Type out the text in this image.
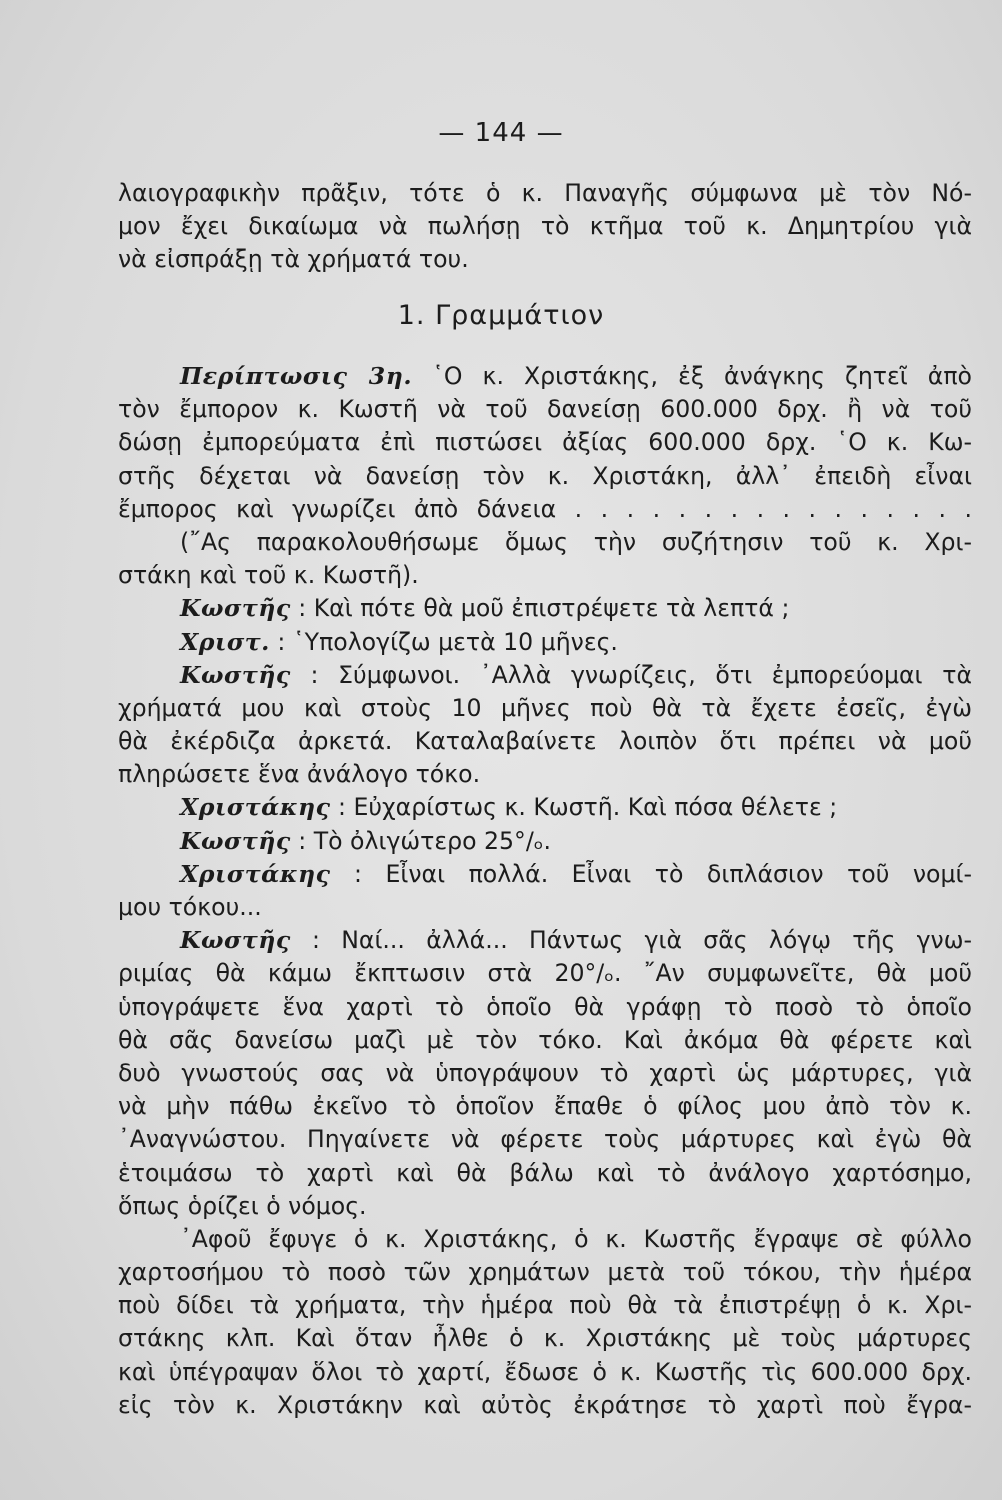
— 144 —
λαιογραφικὴν πρᾶξιν, τότε ὁ κ. Παναγῆς σύμφωνα μὲ τὸν Νό-
μον ἔχει δικαίωμα νὰ πωλήσῃ τὸ κτῆμα τοῦ κ. Δημητρίου γιὰ
νὰ εἰσπράξῃ τὰ χρήματά του.
1. Γραμμάτιον
Περίπτωσις 3η. ῾Ο κ. Χριστάκης, ἐξ ἀνάγκης ζητεῖ ἀπὸ
τὸν ἔμπορον κ. Κωστῆ νὰ τοῦ δανείσῃ 600.000 δρχ. ἢ νὰ τοῦ
δώσῃ ἐμπορεύματα ἐπὶ πιστώσει ἀξίας 600.000 δρχ. ῾Ο κ. Κω-
στῆς δέχεται νὰ δανείσῃ τὸν κ. Χριστάκη, ἀλλ᾿ ἐπειδὴ εἶναι
ἔμπορος καὶ γνωρίζει ἀπὸ δάνεια . . . . . . . . . . . . . . . .
(῎Ας παρακολουθήσωμε ὅμως τὴν συζήτησιν τοῦ κ. Χρι-
στάκη καὶ τοῦ κ. Κωστῆ).
Κωστῆς : Καὶ πότε θὰ μοῦ ἐπιστρέψετε τὰ λεπτά ;
Χριστ. : ῾Υπολογίζω μετὰ 10 μῆνες.
Κωστῆς : Σύμφωνοι. ᾿Αλλὰ γνωρίζεις, ὅτι ἐμπορεύομαι τὰ
χρήματά μου καὶ στοὺς 10 μῆνες ποὺ θὰ τὰ ἔχετε ἐσεῖς, ἐγὼ
θὰ ἐκέρδιζα ἀρκετά. Καταλαβαίνετε λοιπὸν ὅτι πρέπει νὰ μοῦ
πληρώσετε ἕνα ἀνάλογο τόκο.
Χριστάκης : Εὐχαρίστως κ. Κωστῆ. Καὶ πόσα θέλετε ;
Κωστῆς : Τὸ ὀλιγώτερο 25°/ₒ.
Χριστάκης : Εἶναι πολλά. Εἶναι τὸ διπλάσιον τοῦ νομί-
μου τόκου...
Κωστῆς : Ναί... ἀλλά... Πάντως γιὰ σᾶς λόγῳ τῆς γνω-
ριμίας θὰ κάμω ἔκπτωσιν στὰ 20°/ₒ. ῎Αν συμφωνεῖτε, θὰ μοῦ
ὑπογράψετε ἕνα χαρτὶ τὸ ὁποῖο θὰ γράφῃ τὸ ποσὸ τὸ ὁποῖο
θὰ σᾶς δανείσω μαζὶ μὲ τὸν τόκο. Καὶ ἀκόμα θὰ φέρετε καὶ
δυὸ γνωστούς σας νὰ ὑπογράψουν τὸ χαρτὶ ὡς μάρτυρες, γιὰ
νὰ μὴν πάθω ἐκεῖνο τὸ ὁποῖον ἔπαθε ὁ φίλος μου ἀπὸ τὸν κ.
᾿Αναγνώστου. Πηγαίνετε νὰ φέρετε τοὺς μάρτυρες καὶ ἐγὼ θὰ
ἑτοιμάσω τὸ χαρτὶ καὶ θὰ βάλω καὶ τὸ ἀνάλογο χαρτόσημο,
ὅπως ὁρίζει ὁ νόμος.
᾿Αφοῦ ἔφυγε ὁ κ. Χριστάκης, ὁ κ. Κωστῆς ἔγραψε σὲ φύλλο
χαρτοσήμου τὸ ποσὸ τῶν χρημάτων μετὰ τοῦ τόκου, τὴν ἡμέρα
ποὺ δίδει τὰ χρήματα, τὴν ἡμέρα ποὺ θὰ τὰ ἐπιστρέψῃ ὁ κ. Χρι-
στάκης κλπ. Καὶ ὅταν ἦλθε ὁ κ. Χριστάκης μὲ τοὺς μάρτυρες
καὶ ὑπέγραψαν ὅλοι τὸ χαρτί, ἔδωσε ὁ κ. Κωστῆς τὶς 600.000 δρχ.
εἰς τὸν κ. Χριστάκην καὶ αὐτὸς ἐκράτησε τὸ χαρτὶ ποὺ ἔγρα-
